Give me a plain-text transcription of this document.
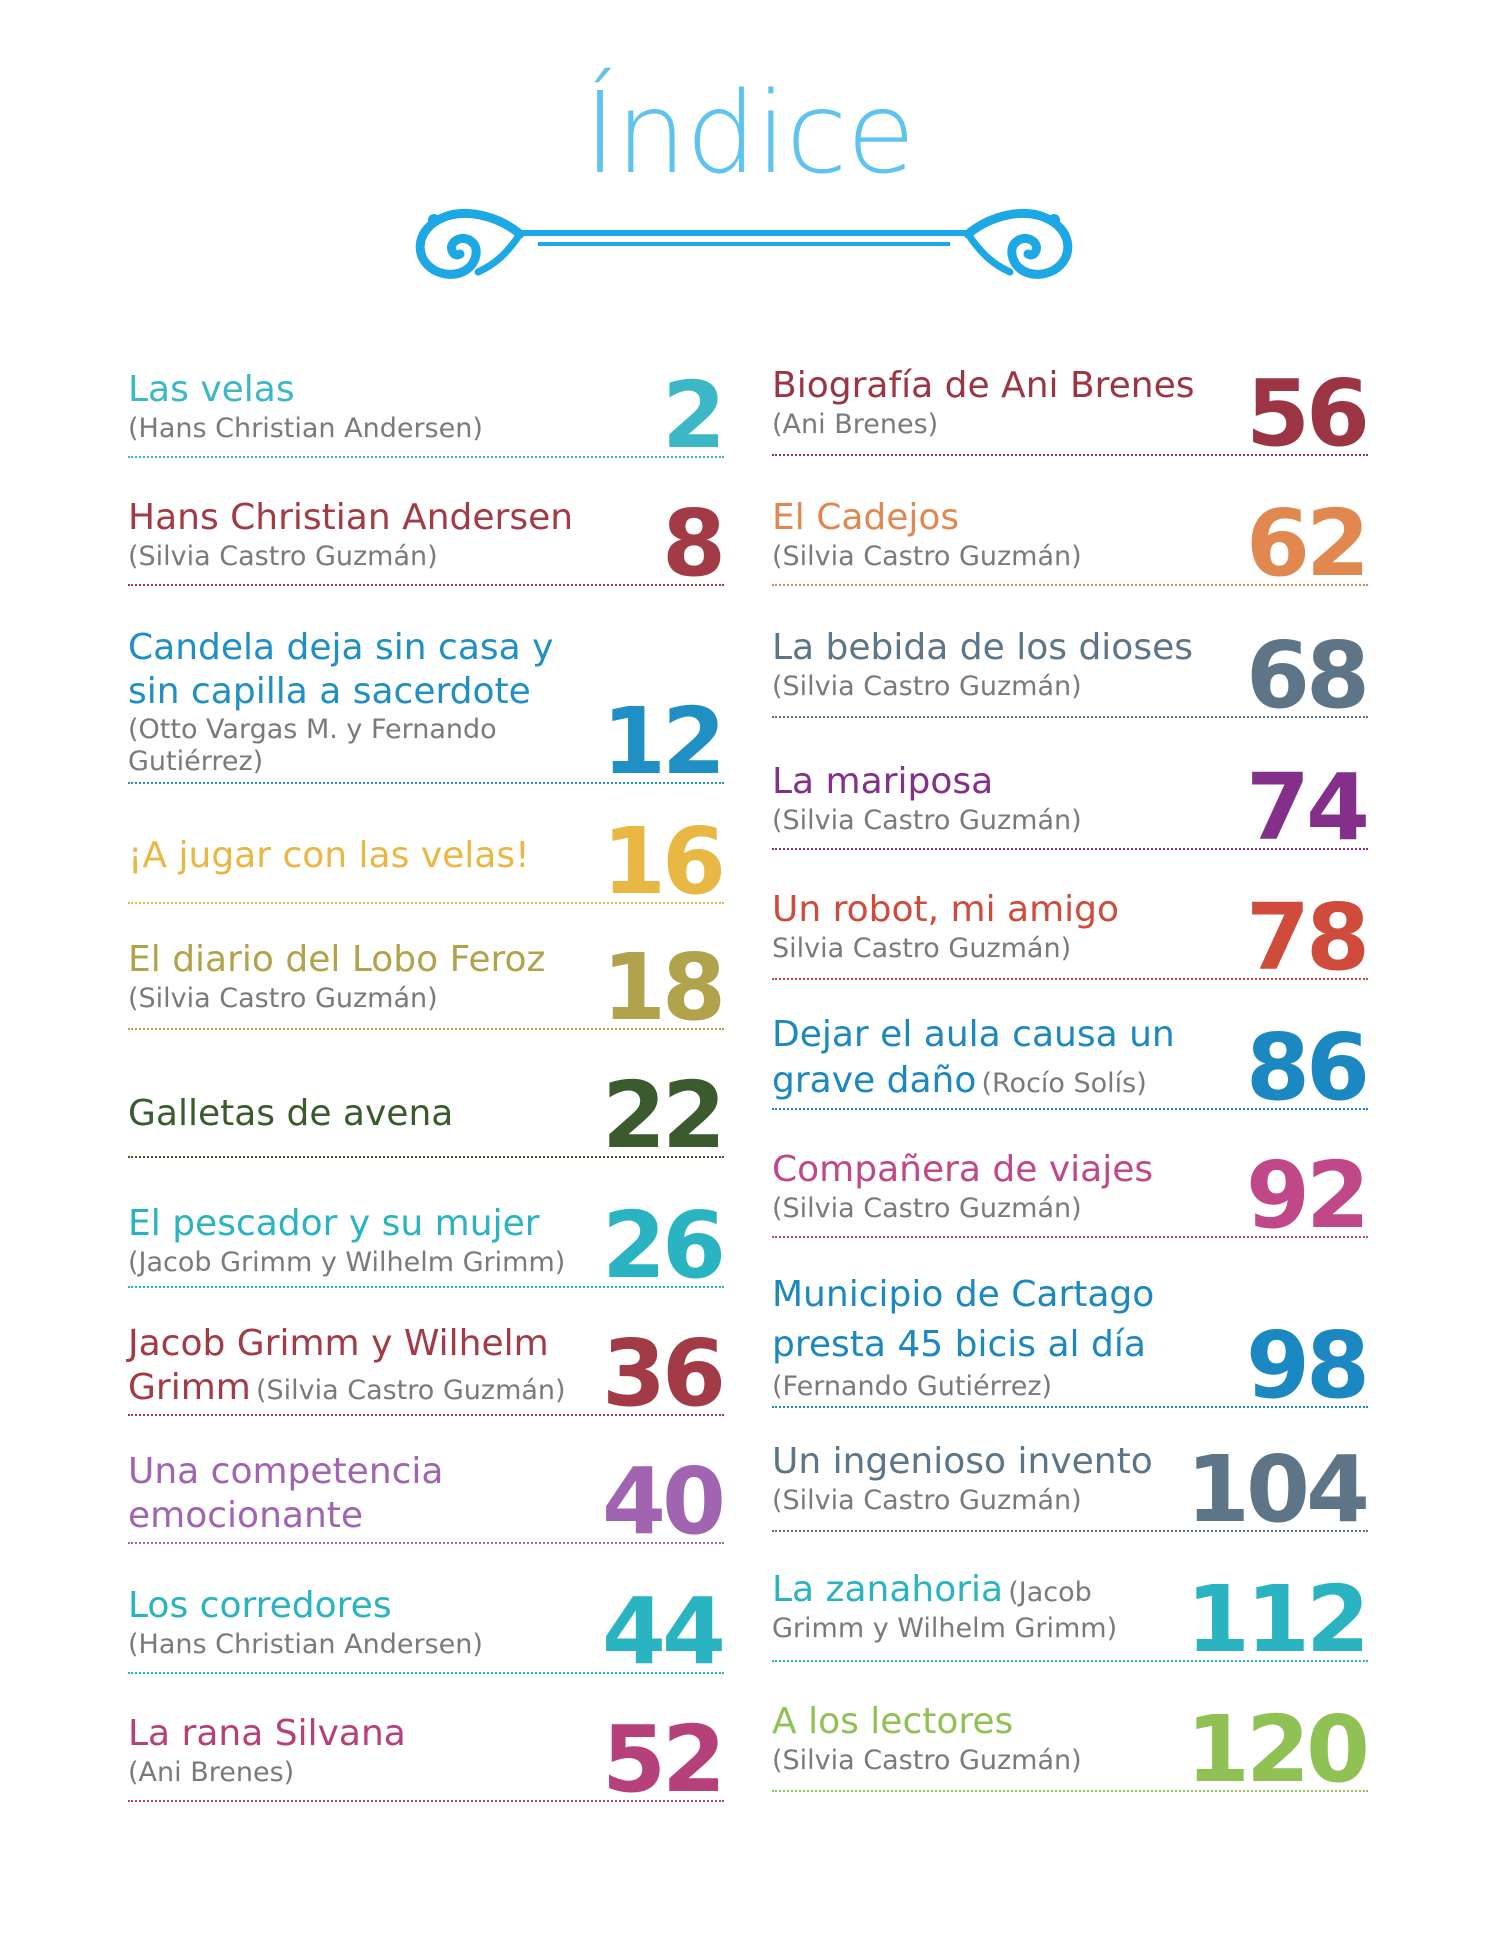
Índice
Las velas
(Hans Christian Andersen)	2
Hans Christian Andersen
(Silvia Castro Guzmán)	8
Candela deja sin casa y sin capilla a sacerdote
(Otto Vargas M. y Fernando Gutiérrez)	12
¡A jugar con las velas! 16
El diario del Lobo Feroz
(Silvia Castro Guzmán)	18
Galletas de avena	22
El pescador y su mujer
(Jacob Grimm y Wilhelm Grimm) 26
Jacob Grimm y Wilhelm Grimm (Silvia Castro Guzmán) 36
Una competencia emocionante	40
Los corredores
(Hans Christian Andersen)	44
La rana Silvana
(Ani Brenes)	52
Biografía de Ani Brenes
(Ani Brenes)	56
El Cadejos
(Silvia Castro Guzmán)	62
La bebida de los dioses
(Silvia Castro Guzmán)	68
La mariposa
(Silvia Castro Guzmán)	74
Un robot, mi amigo
Silvia Castro Guzmán)	78
Dejar el aula causa un grave daño (Rocío Solís)	86
Compañera de viajes
(Silvia Castro Guzmán)	92
Municipio de Cartago presta 45 bicis al día
(Fernando Gutiérrez)	98
Un ingenioso invento
(Silvia Castro Guzmán)	104
La zanahoria (Jacob Grimm y Wilhelm Grimm) 112
A los lectores
(Silvia Castro Guzmán)	120
